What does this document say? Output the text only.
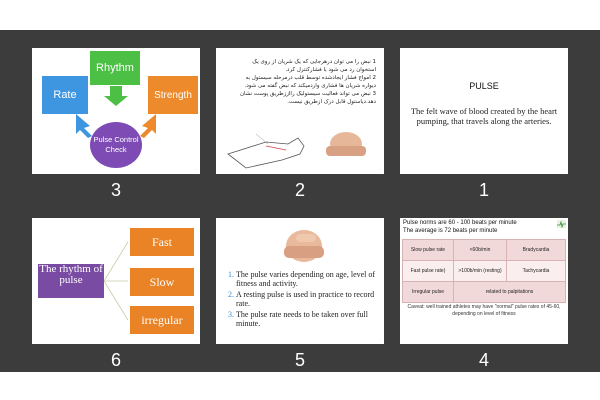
Rate
Rhythm
Strength
Pulse Control Check
·
3
1 نبض را می توان درهرجایی که یک شریان از روی یک
استخوان رد می شود با فشارکنترل کرد.
2 امواج فشار ایجادشده توسط قلب درمرحله سیستول به
دیواره شریان ها فشاری واردمیکند که نبض گفته می شود.
3 نبض می تواند فعالیت سیستولیک رااززطریق پوست نشان
دهد.دیاستول قابل درک ازطریق نیست.
·
2
PULSE
The felt wave of blood created by the heart pumping, that travels along the arteries.
·
1
The rhythm of pulse
Fast
Slow
irregular
·
6
1. The pulse varies depending on age, level of fitness and activity.
2. A resting pulse is used in practice to record rate.
3. The pulse rate needs to be taken over full minute.
·
5
Pulse norms are 60 - 100 beats per minute
The average is 72 beats per minute
Slow pulse rate	<60b/min	Bradycardia
Fast pulse rate)	>100b/min (resting)	Tachycardia
Irregular pulse	related to palpitations	
Caveat: well trained athletes may have "normal" pulse rates of 45-60, depending on level of fitness
·
4
